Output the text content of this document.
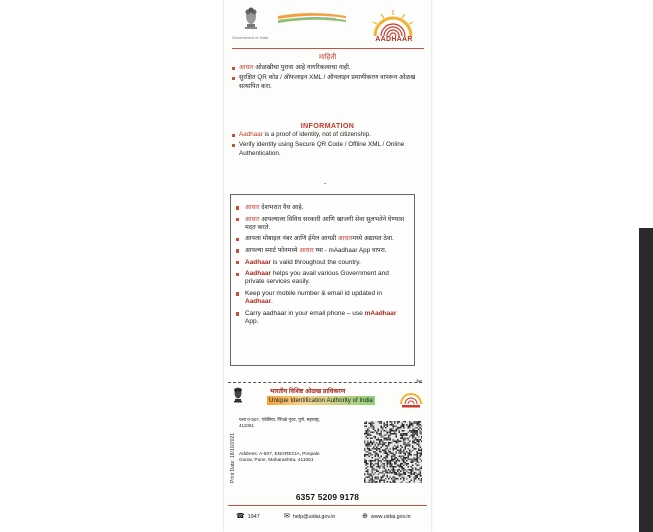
Government of India	AADHAAR
माहिती
आधार ओळखीचा पुरावा आहे नागरिकत्वाचा नाही.
सुरक्षित QR कोड / ऑफलाइन XML / ऑनलाइन प्रमाणीकरण वापरून ओळख सत्यापित करा.
INFORMATION
Aadhaar is a proof of identity, not of citizenship.
Verify identity using Secure QR Code / Offline XML / Online Authentication.
आधार देशभरात वैध आहे.
आधार आपल्याला विविध सरकारी आणि खाजगी सेवा सुलभतेने घेण्यास मदत करते.
आपला मोबाइल नंबर आणि ईमेल आयडी आधारमध्ये अद्यायत ठेवा.
आपल्या स्मार्ट फोनमध्ये आधार घ्या - mAadhaar App वापरा.
Aadhaar is valid throughout the country.
Aadhaar helps you avail various Government and private services easily.
Keep your mobile number & email id updated in Aadhaar.
Carry aadhaar in your email phone – use mAadhaar App.
✂
भारतीय विशिष्ट ओळख प्राधिकरण
Unique Identification Authority of India
Print Date: 18/10/2021
पत्ता ए-507, एंग्रेसिया, पिंपळे गुरव, पुणे, महाराष्ट्र, 411061
Address: A-507, ENGRECIA, Pimpale Gurav, Pune, Maharashtra, 411061
6357 5209 9178
☎ 1947	✉ help@uidai.gov.in	⊕ www.uidai.gov.in
